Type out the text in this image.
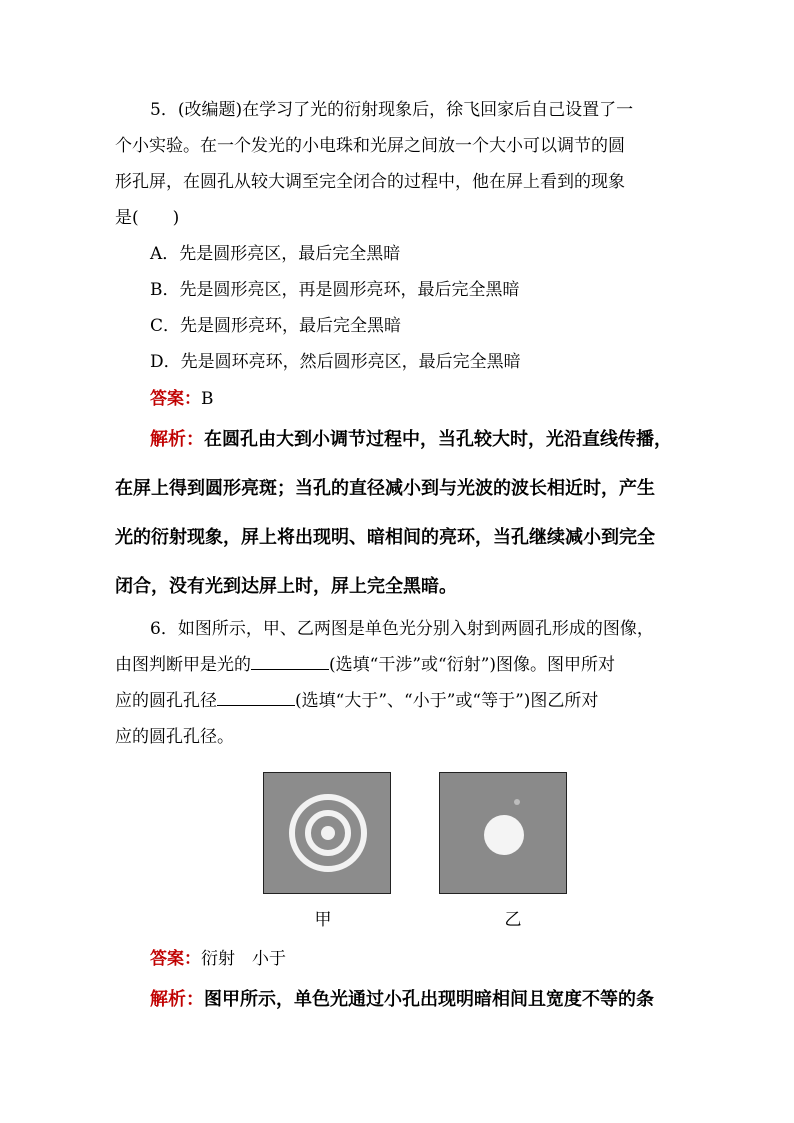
5．(改编题)在学习了光的衍射现象后，徐飞回家后自己设置了一
个小实验。在一个发光的小电珠和光屏之间放一个大小可以调节的圆
形孔屏，在圆孔从较大调至完全闭合的过程中，他在屏上看到的现象
是(　　)
A．先是圆形亮区，最后完全黑暗
B．先是圆形亮区，再是圆形亮环，最后完全黑暗
C．先是圆形亮环，最后完全黑暗
D．先是圆环亮环，然后圆形亮区，最后完全黑暗
答案：B
解析：在圆孔由大到小调节过程中，当孔较大时，光沿直线传播，
在屏上得到圆形亮斑；当孔的直径减小到与光波的波长相近时，产生
光的衍射现象，屏上将出现明、暗相间的亮环，当孔继续减小到完全
闭合，没有光到达屏上时，屏上完全黑暗。
6．如图所示，甲、乙两图是单色光分别入射到两圆孔形成的图像，
由图判断甲是光的	(选填“干涉”或“衍射”)图像。图甲所对
应的圆孔孔径	(选填“大于”、“小于”或“等于”)图乙所对
应的圆孔孔径。
甲	乙
答案：衍射　小于
解析：图甲所示，单色光通过小孔出现明暗相间且宽度不等的条
